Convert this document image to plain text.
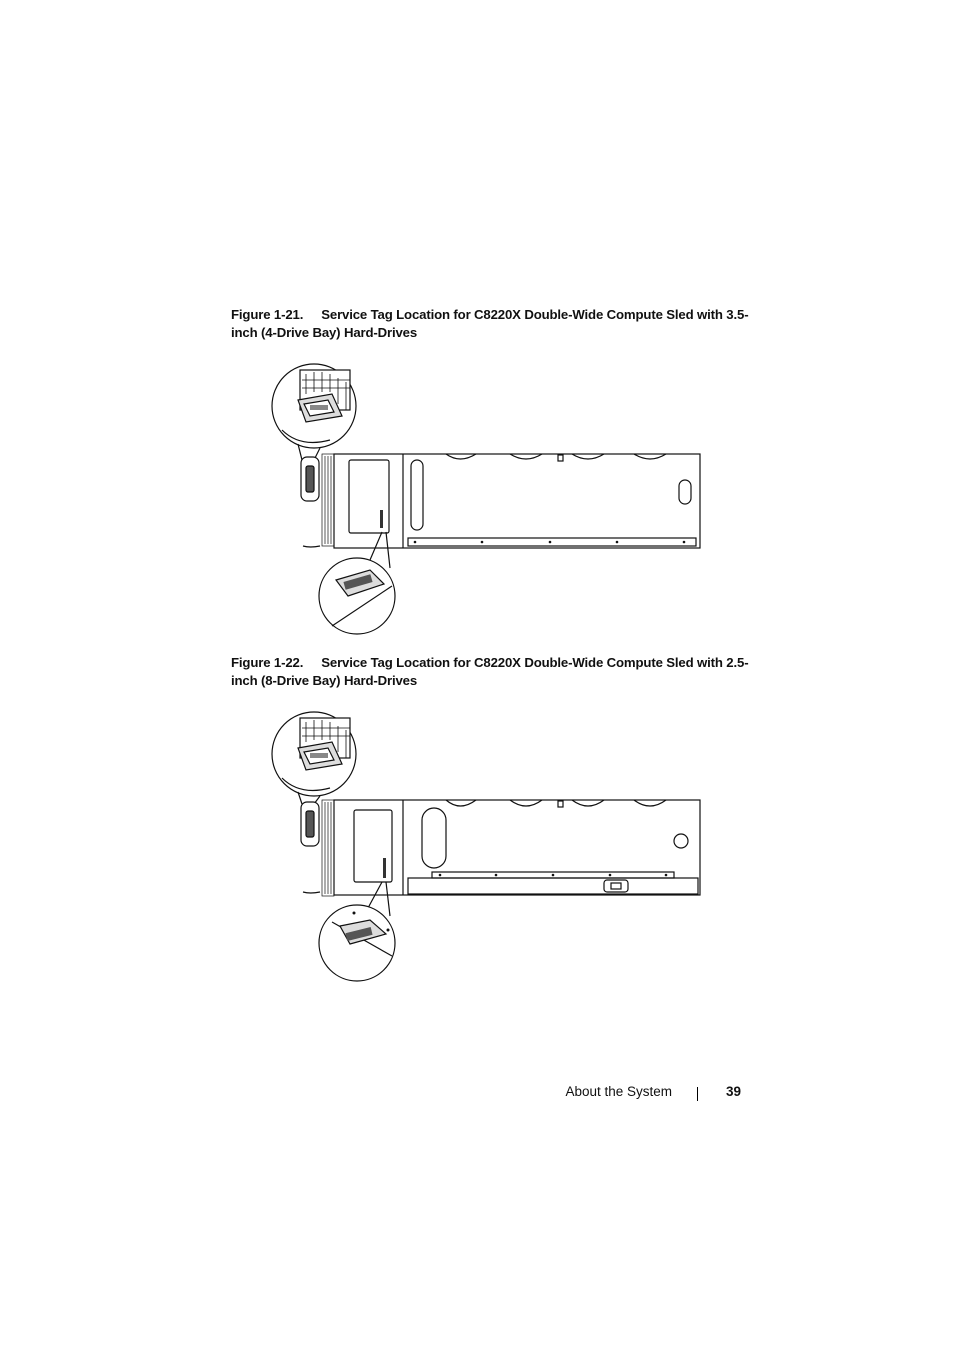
Figure 1-21. Service Tag Location for C8220X Double-Wide Compute Sled with 3.5-inch (4-Drive Bay) Hard-Drives
Figure 1-22. Service Tag Location for C8220X Double-Wide Compute Sled with 2.5-inch (8-Drive Bay) Hard-Drives
About the System	39
